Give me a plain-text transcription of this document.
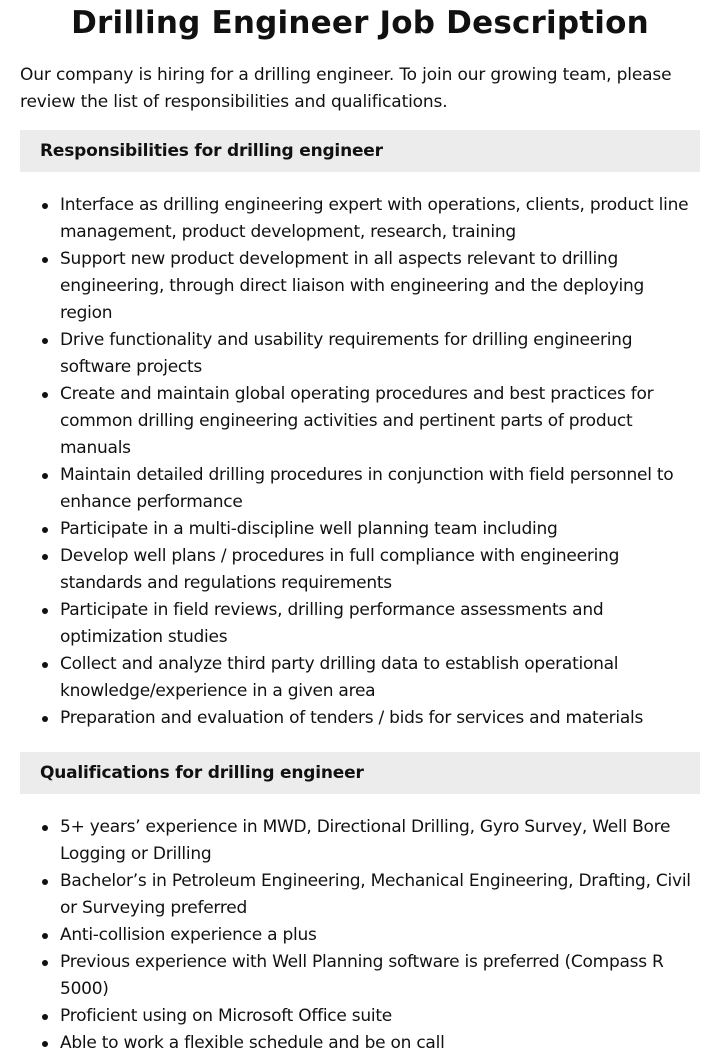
Drilling Engineer Job Description

Our company is hiring for a drilling engineer. To join our growing team, please review the list of responsibilities and qualifications.

Responsibilities for drilling engineer
Interface as drilling engineering expert with operations, clients, product line management, product development, research, training
Support new product development in all aspects relevant to drilling engineering, through direct liaison with engineering and the deploying region
Drive functionality and usability requirements for drilling engineering software projects
Create and maintain global operating procedures and best practices for common drilling engineering activities and pertinent parts of product manuals
Maintain detailed drilling procedures in conjunction with field personnel to enhance performance
Participate in a multi-discipline well planning team including
Develop well plans / procedures in full compliance with engineering standards and regulations requirements
Participate in field reviews, drilling performance assessments and optimization studies
Collect and analyze third party drilling data to establish operational knowledge/experience in a given area
Preparation and evaluation of tenders / bids for services and materials
Qualifications for drilling engineer
5+ years’ experience in MWD, Directional Drilling, Gyro Survey, Well Bore Logging or Drilling
Bachelor’s in Petroleum Engineering, Mechanical Engineering, Drafting, Civil or Surveying preferred
Anti-collision experience a plus
Previous experience with Well Planning software is preferred (Compass R 5000)
Proficient using on Microsoft Office suite
Able to work a flexible schedule and be on call
